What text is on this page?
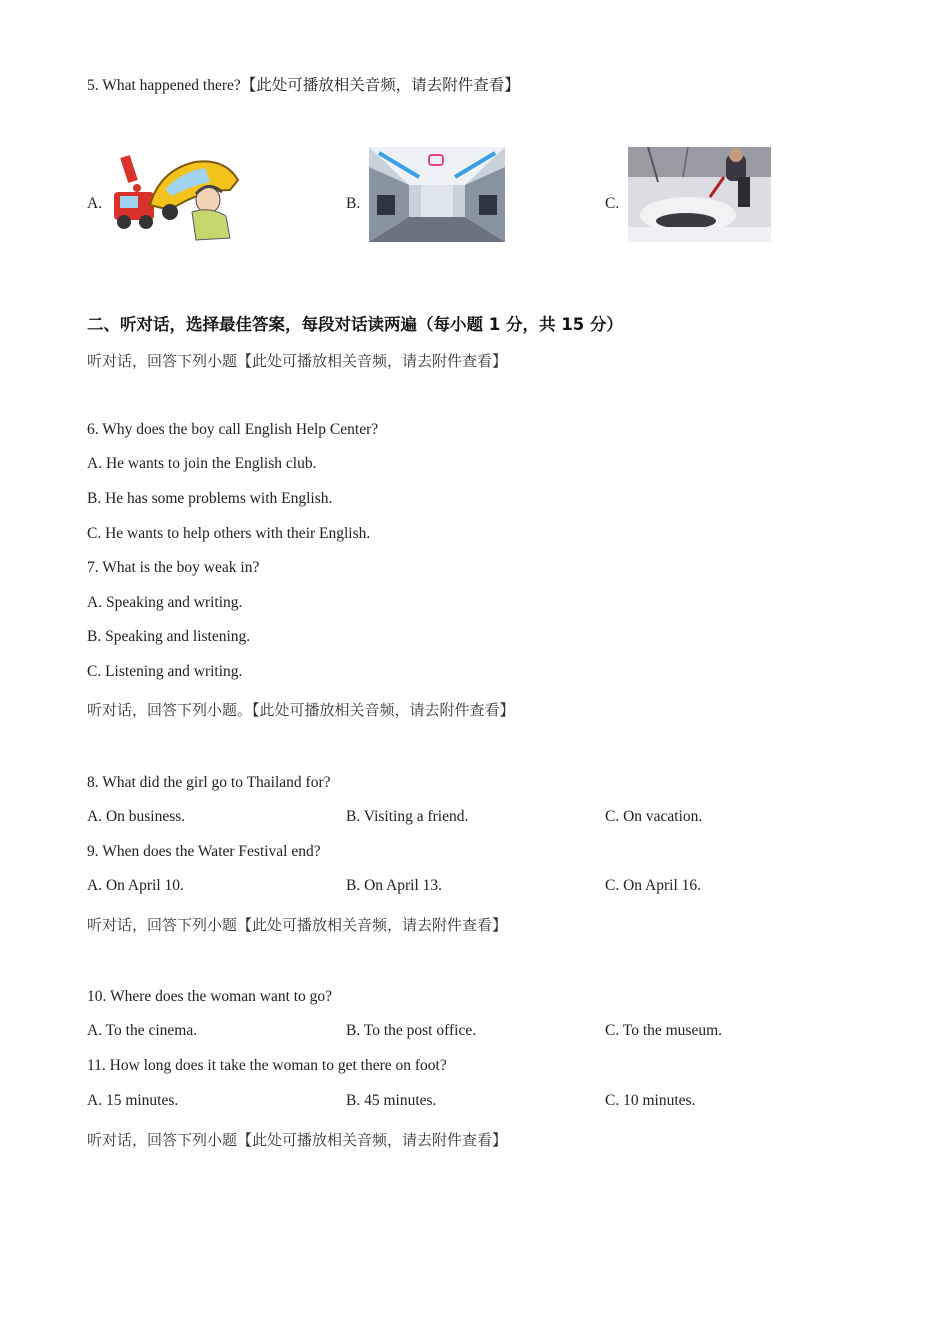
5. What happened there?【此处可播放相关音频，请去附件查看】
A.	B.	C.
二、听对话，选择最佳答案，每段对话读两遍（每小题 1 分，共 15 分）
听对话，回答下列小题【此处可播放相关音频，请去附件查看】
6. Why does the boy call English Help Center?
A. He wants to join the English club.
B. He has some problems with English.
C. He wants to help others with their English.
7. What is the boy weak in?
A. Speaking and writing.
B. Speaking and listening.
C. Listening and writing.
听对话，回答下列小题。【此处可播放相关音频，请去附件查看】
8. What did the girl go to Thailand for?
A. On business.	B. Visiting a friend.	C. On vacation.
9. When does the Water Festival end?
A. On April 10.	B. On April 13.	C. On April 16.
听对话，回答下列小题【此处可播放相关音频，请去附件查看】
10. Where does the woman want to go?
A. To the cinema.	B. To the post office.	C. To the museum.
11. How long does it take the woman to get there on foot?
A. 15 minutes.	B. 45 minutes.	C. 10 minutes.
听对话，回答下列小题【此处可播放相关音频，请去附件查看】
